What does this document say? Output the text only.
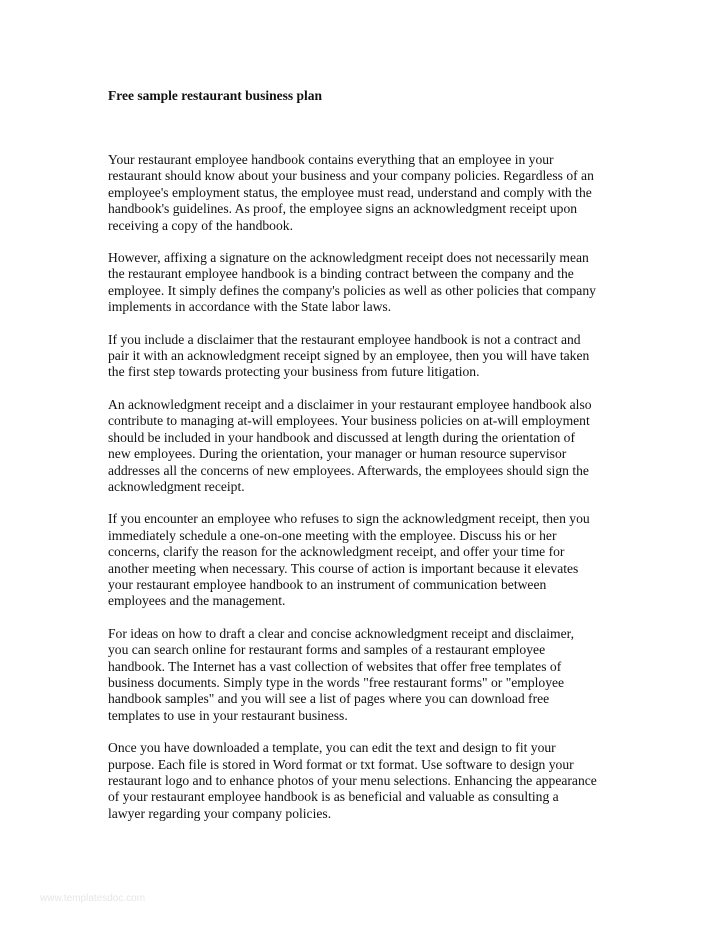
Free sample restaurant business plan
Your restaurant employee handbook contains everything that an employee in your
restaurant should know about your business and your company policies. Regardless of an
employee's employment status, the employee must read, understand and comply with the
handbook's guidelines. As proof, the employee signs an acknowledgment receipt upon
receiving a copy of the handbook.
However, affixing a signature on the acknowledgment receipt does not necessarily mean
the restaurant employee handbook is a binding contract between the company and the
employee. It simply defines the company's policies as well as other policies that company
implements in accordance with the State labor laws.
If you include a disclaimer that the restaurant employee handbook is not a contract and
pair it with an acknowledgment receipt signed by an employee, then you will have taken
the first step towards protecting your business from future litigation.
An acknowledgment receipt and a disclaimer in your restaurant employee handbook also
contribute to managing at-will employees. Your business policies on at-will employment
should be included in your handbook and discussed at length during the orientation of
new employees. During the orientation, your manager or human resource supervisor
addresses all the concerns of new employees. Afterwards, the employees should sign the
acknowledgment receipt.
If you encounter an employee who refuses to sign the acknowledgment receipt, then you
immediately schedule a one-on-one meeting with the employee. Discuss his or her
concerns, clarify the reason for the acknowledgment receipt, and offer your time for
another meeting when necessary. This course of action is important because it elevates
your restaurant employee handbook to an instrument of communication between
employees and the management.
For ideas on how to draft a clear and concise acknowledgment receipt and disclaimer,
you can search online for restaurant forms and samples of a restaurant employee
handbook. The Internet has a vast collection of websites that offer free templates of
business documents. Simply type in the words "free restaurant forms" or "employee
handbook samples" and you will see a list of pages where you can download free
templates to use in your restaurant business.
Once you have downloaded a template, you can edit the text and design to fit your
purpose. Each file is stored in Word format or txt format. Use software to design your
restaurant logo and to enhance photos of your menu selections. Enhancing the appearance
of your restaurant employee handbook is as beneficial and valuable as consulting a
lawyer regarding your company policies.
www.templatesdoc.com
